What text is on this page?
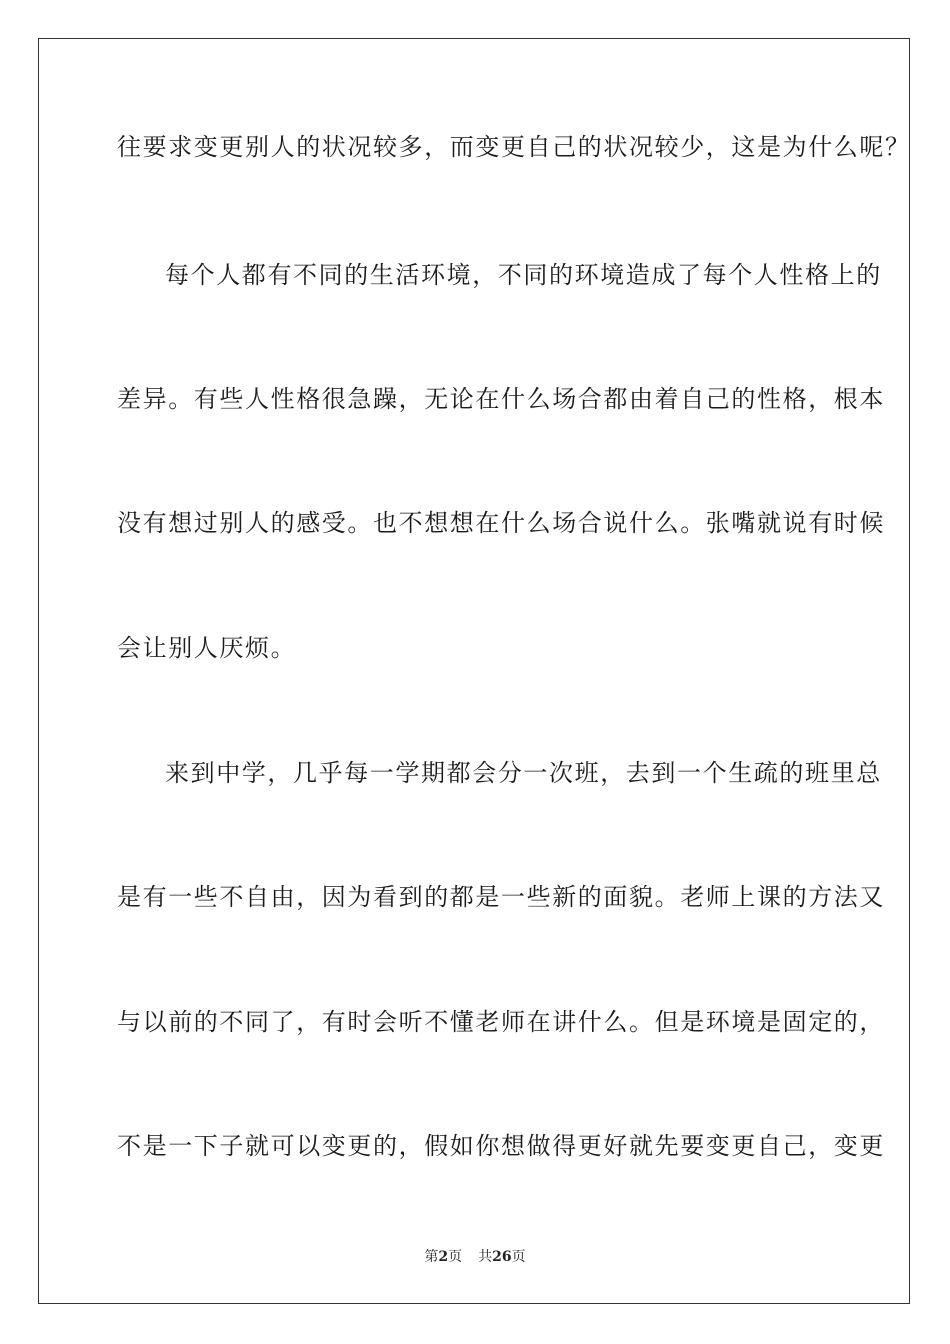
往要求变更别人的状况较多，而变更自己的状况较少，这是为什么呢？
每个人都有不同的生活环境，不同的环境造成了每个人性格上的
差异。有些人性格很急躁，无论在什么场合都由着自己的性格，根本
没有想过别人的感受。也不想想在什么场合说什么。张嘴就说有时候
会让别人厌烦。
来到中学，几乎每一学期都会分一次班，去到一个生疏的班里总
是有一些不自由，因为看到的都是一些新的面貌。老师上课的方法又
与以前的不同了，有时会听不懂老师在讲什么。但是环境是固定的，
不是一下子就可以变更的，假如你想做得更好就先要变更自己，变更
第2页 共26页
